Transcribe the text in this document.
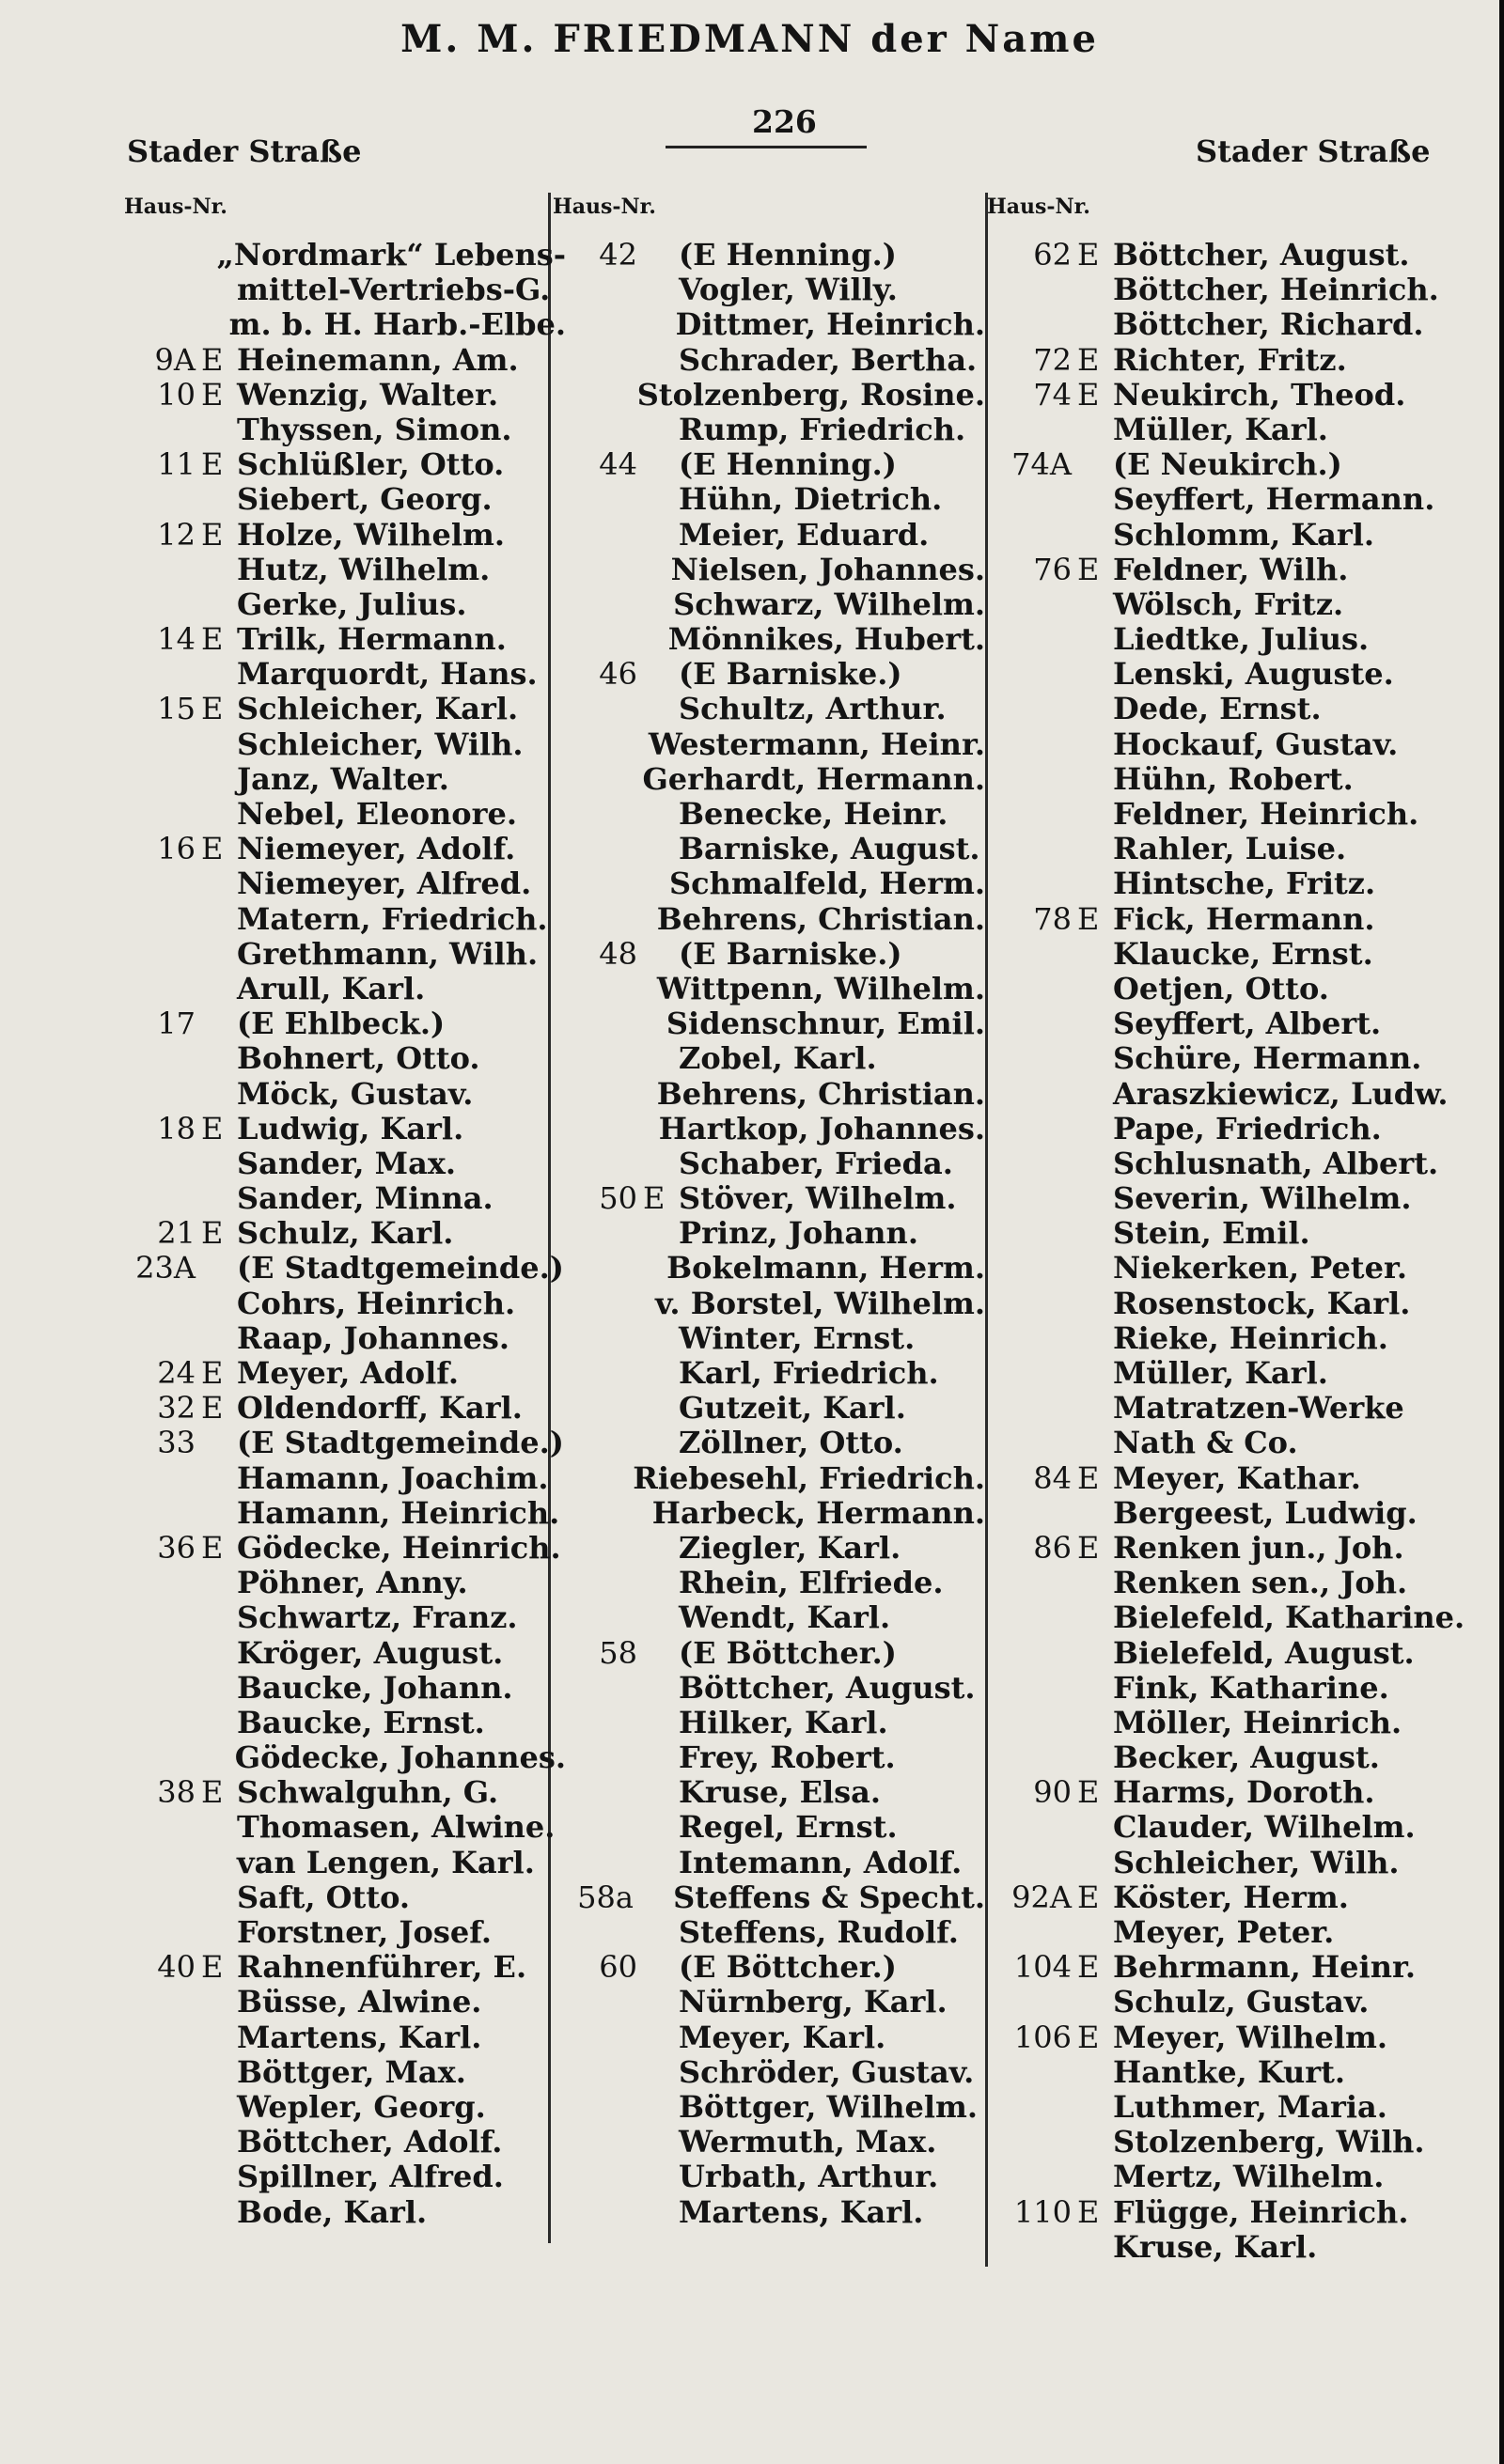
M. M. FRIEDMANN der Name
Stader Straße
226
Stader Straße
Haus-Nr.
„Nordmark“ Lebens-
mittel-Vertriebs-G.
m. b. H. Harb.-Elbe.
9A E Heinemann, Am.
10 E Wenzig, Walter.
Thyssen, Simon.
11 E Schlüßler, Otto.
Siebert, Georg.
12 E Holze, Wilhelm.
Hutz, Wilhelm.
Gerke, Julius.
14 E Trilk, Hermann.
Marquordt, Hans.
15 E Schleicher, Karl.
Schleicher, Wilh.
Janz, Walter.
Nebel, Eleonore.
16 E Niemeyer, Adolf.
Niemeyer, Alfred.
Matern, Friedrich.
Grethmann, Wilh.
Arull, Karl.
17 (E Ehlbeck.)
Bohnert, Otto.
Möck, Gustav.
18 E Ludwig, Karl.
Sander, Max.
Sander, Minna.
21 E Schulz, Karl.
23A (E Stadtgemeinde.)
Cohrs, Heinrich.
Raap, Johannes.
24 E Meyer, Adolf.
32 E Oldendorff, Karl.
33 (E Stadtgemeinde.)
Hamann, Joachim.
Hamann, Heinrich.
36 E Gödecke, Heinrich.
Pöhner, Anny.
Schwartz, Franz.
Kröger, August.
Baucke, Johann.
Baucke, Ernst.
Gödecke, Johannes.
38 E Schwalguhn, G.
Thomasen, Alwine.
van Lengen, Karl.
Saft, Otto.
Forstner, Josef.
40 E Rahnenführer, E.
Büsse, Alwine.
Martens, Karl.
Böttger, Max.
Wepler, Georg.
Böttcher, Adolf.
Spillner, Alfred.
Bode, Karl.
Haus-Nr.
42 (E Henning.)
Vogler, Willy.
Dittmer, Heinrich.
Schrader, Bertha.
Stolzenberg, Rosine.
Rump, Friedrich.
44 (E Henning.)
Hühn, Dietrich.
Meier, Eduard.
Nielsen, Johannes.
Schwarz, Wilhelm.
Mönnikes, Hubert.
46 (E Barniske.)
Schultz, Arthur.
Westermann, Heinr.
Gerhardt, Hermann.
Benecke, Heinr.
Barniske, August.
Schmalfeld, Herm.
Behrens, Christian.
48 (E Barniske.)
Wittpenn, Wilhelm.
Sidenschnur, Emil.
Zobel, Karl.
Behrens, Christian.
Hartkop, Johannes.
Schaber, Frieda.
50 E Stöver, Wilhelm.
Prinz, Johann.
Bokelmann, Herm.
v. Borstel, Wilhelm.
Winter, Ernst.
Karl, Friedrich.
Gutzeit, Karl.
Zöllner, Otto.
Riebesehl, Friedrich.
Harbeck, Hermann.
Ziegler, Karl.
Rhein, Elfriede.
Wendt, Karl.
58 (E Böttcher.)
Böttcher, August.
Hilker, Karl.
Frey, Robert.
Kruse, Elsa.
Regel, Ernst.
Intemann, Adolf.
58a Steffens & Specht.
Steffens, Rudolf.
60 (E Böttcher.)
Nürnberg, Karl.
Meyer, Karl.
Schröder, Gustav.
Böttger, Wilhelm.
Wermuth, Max.
Urbath, Arthur.
Martens, Karl.
Haus-Nr.
62 E Böttcher, August.
Böttcher, Heinrich.
Böttcher, Richard.
72 E Richter, Fritz.
74 E Neukirch, Theod.
Müller, Karl.
74A (E Neukirch.)
Seyffert, Hermann.
Schlomm, Karl.
76 E Feldner, Wilh.
Wölsch, Fritz.
Liedtke, Julius.
Lenski, Auguste.
Dede, Ernst.
Hockauf, Gustav.
Hühn, Robert.
Feldner, Heinrich.
Rahler, Luise.
Hintsche, Fritz.
78 E Fick, Hermann.
Klaucke, Ernst.
Oetjen, Otto.
Seyffert, Albert.
Schüre, Hermann.
Araszkiewicz, Ludw.
Pape, Friedrich.
Schlusnath, Albert.
Severin, Wilhelm.
Stein, Emil.
Niekerken, Peter.
Rosenstock, Karl.
Rieke, Heinrich.
Müller, Karl.
Matratzen-Werke
Nath & Co.
84 E Meyer, Kathar.
Bergeest, Ludwig.
86 E Renken jun., Joh.
Renken sen., Joh.
Bielefeld, Katharine.
Bielefeld, August.
Fink, Katharine.
Möller, Heinrich.
Becker, August.
90 E Harms, Doroth.
Clauder, Wilhelm.
Schleicher, Wilh.
92A E Köster, Herm.
Meyer, Peter.
104 E Behrmann, Heinr.
Schulz, Gustav.
106 E Meyer, Wilhelm.
Hantke, Kurt.
Luthmer, Maria.
Stolzenberg, Wilh.
Mertz, Wilhelm.
110 E Flügge, Heinrich.
Kruse, Karl.
